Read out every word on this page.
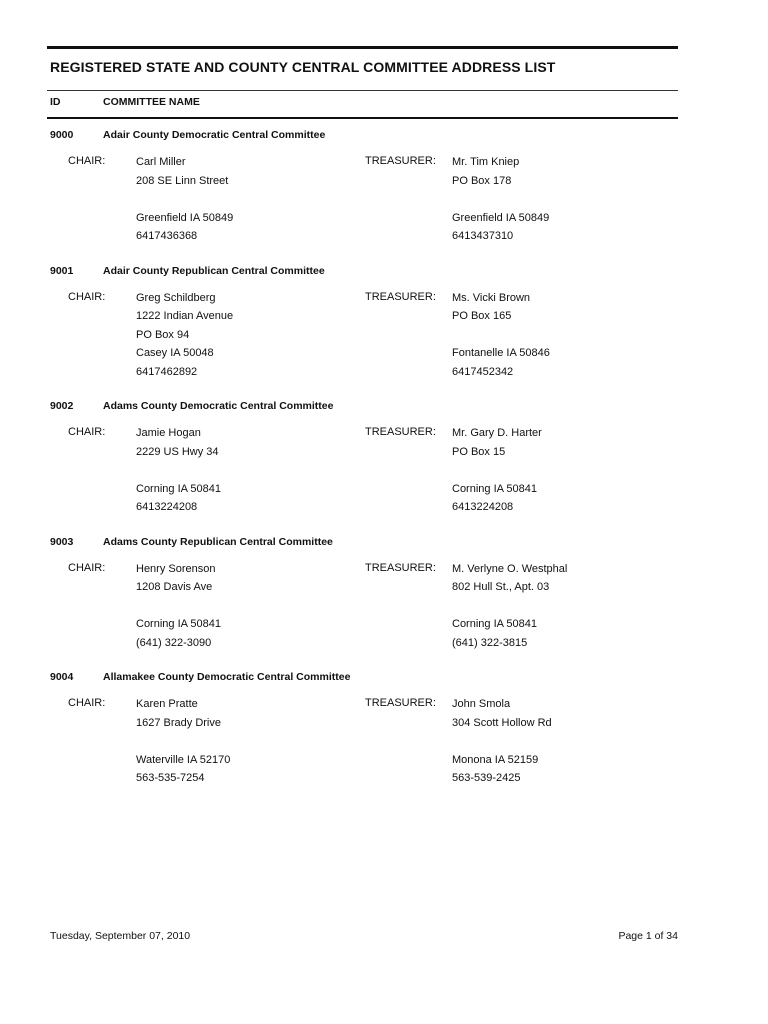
REGISTERED STATE AND COUNTY CENTRAL COMMITTEE ADDRESS LIST
ID	COMMITTEE NAME
9000	Adair County Democratic Central Committee
CHAIR:	Carl Miller
208 SE Linn Street
Greenfield IA 50849
6417436368
TREASURER: Mr. Tim Kniep
PO Box 178
Greenfield IA 50849
6413437310
9001	Adair County Republican Central Committee
CHAIR:	Greg Schildberg
1222 Indian Avenue
PO Box 94
Casey IA 50048
6417462892
TREASURER: Ms. Vicki Brown
PO Box 165
Fontanelle IA 50846
6417452342
9002	Adams County Democratic Central Committee
CHAIR:	Jamie Hogan
2229 US Hwy 34
Corning IA 50841
6413224208
TREASURER: Mr. Gary D. Harter
PO Box 15
Corning IA 50841
6413224208
9003	Adams County Republican Central Committee
CHAIR:	Henry Sorenson
1208 Davis Ave
Corning IA 50841
(641) 322-3090
TREASURER: M. Verlyne O. Westphal
802 Hull St., Apt. 03
Corning IA 50841
(641) 322-3815
9004	Allamakee County Democratic Central Committee
CHAIR:	Karen Pratte
1627 Brady Drive
Waterville IA 52170
563-535-7254
TREASURER: John Smola
304 Scott Hollow Rd
Monona IA 52159
563-539-2425
Tuesday, September 07, 2010	Page 1 of 34
